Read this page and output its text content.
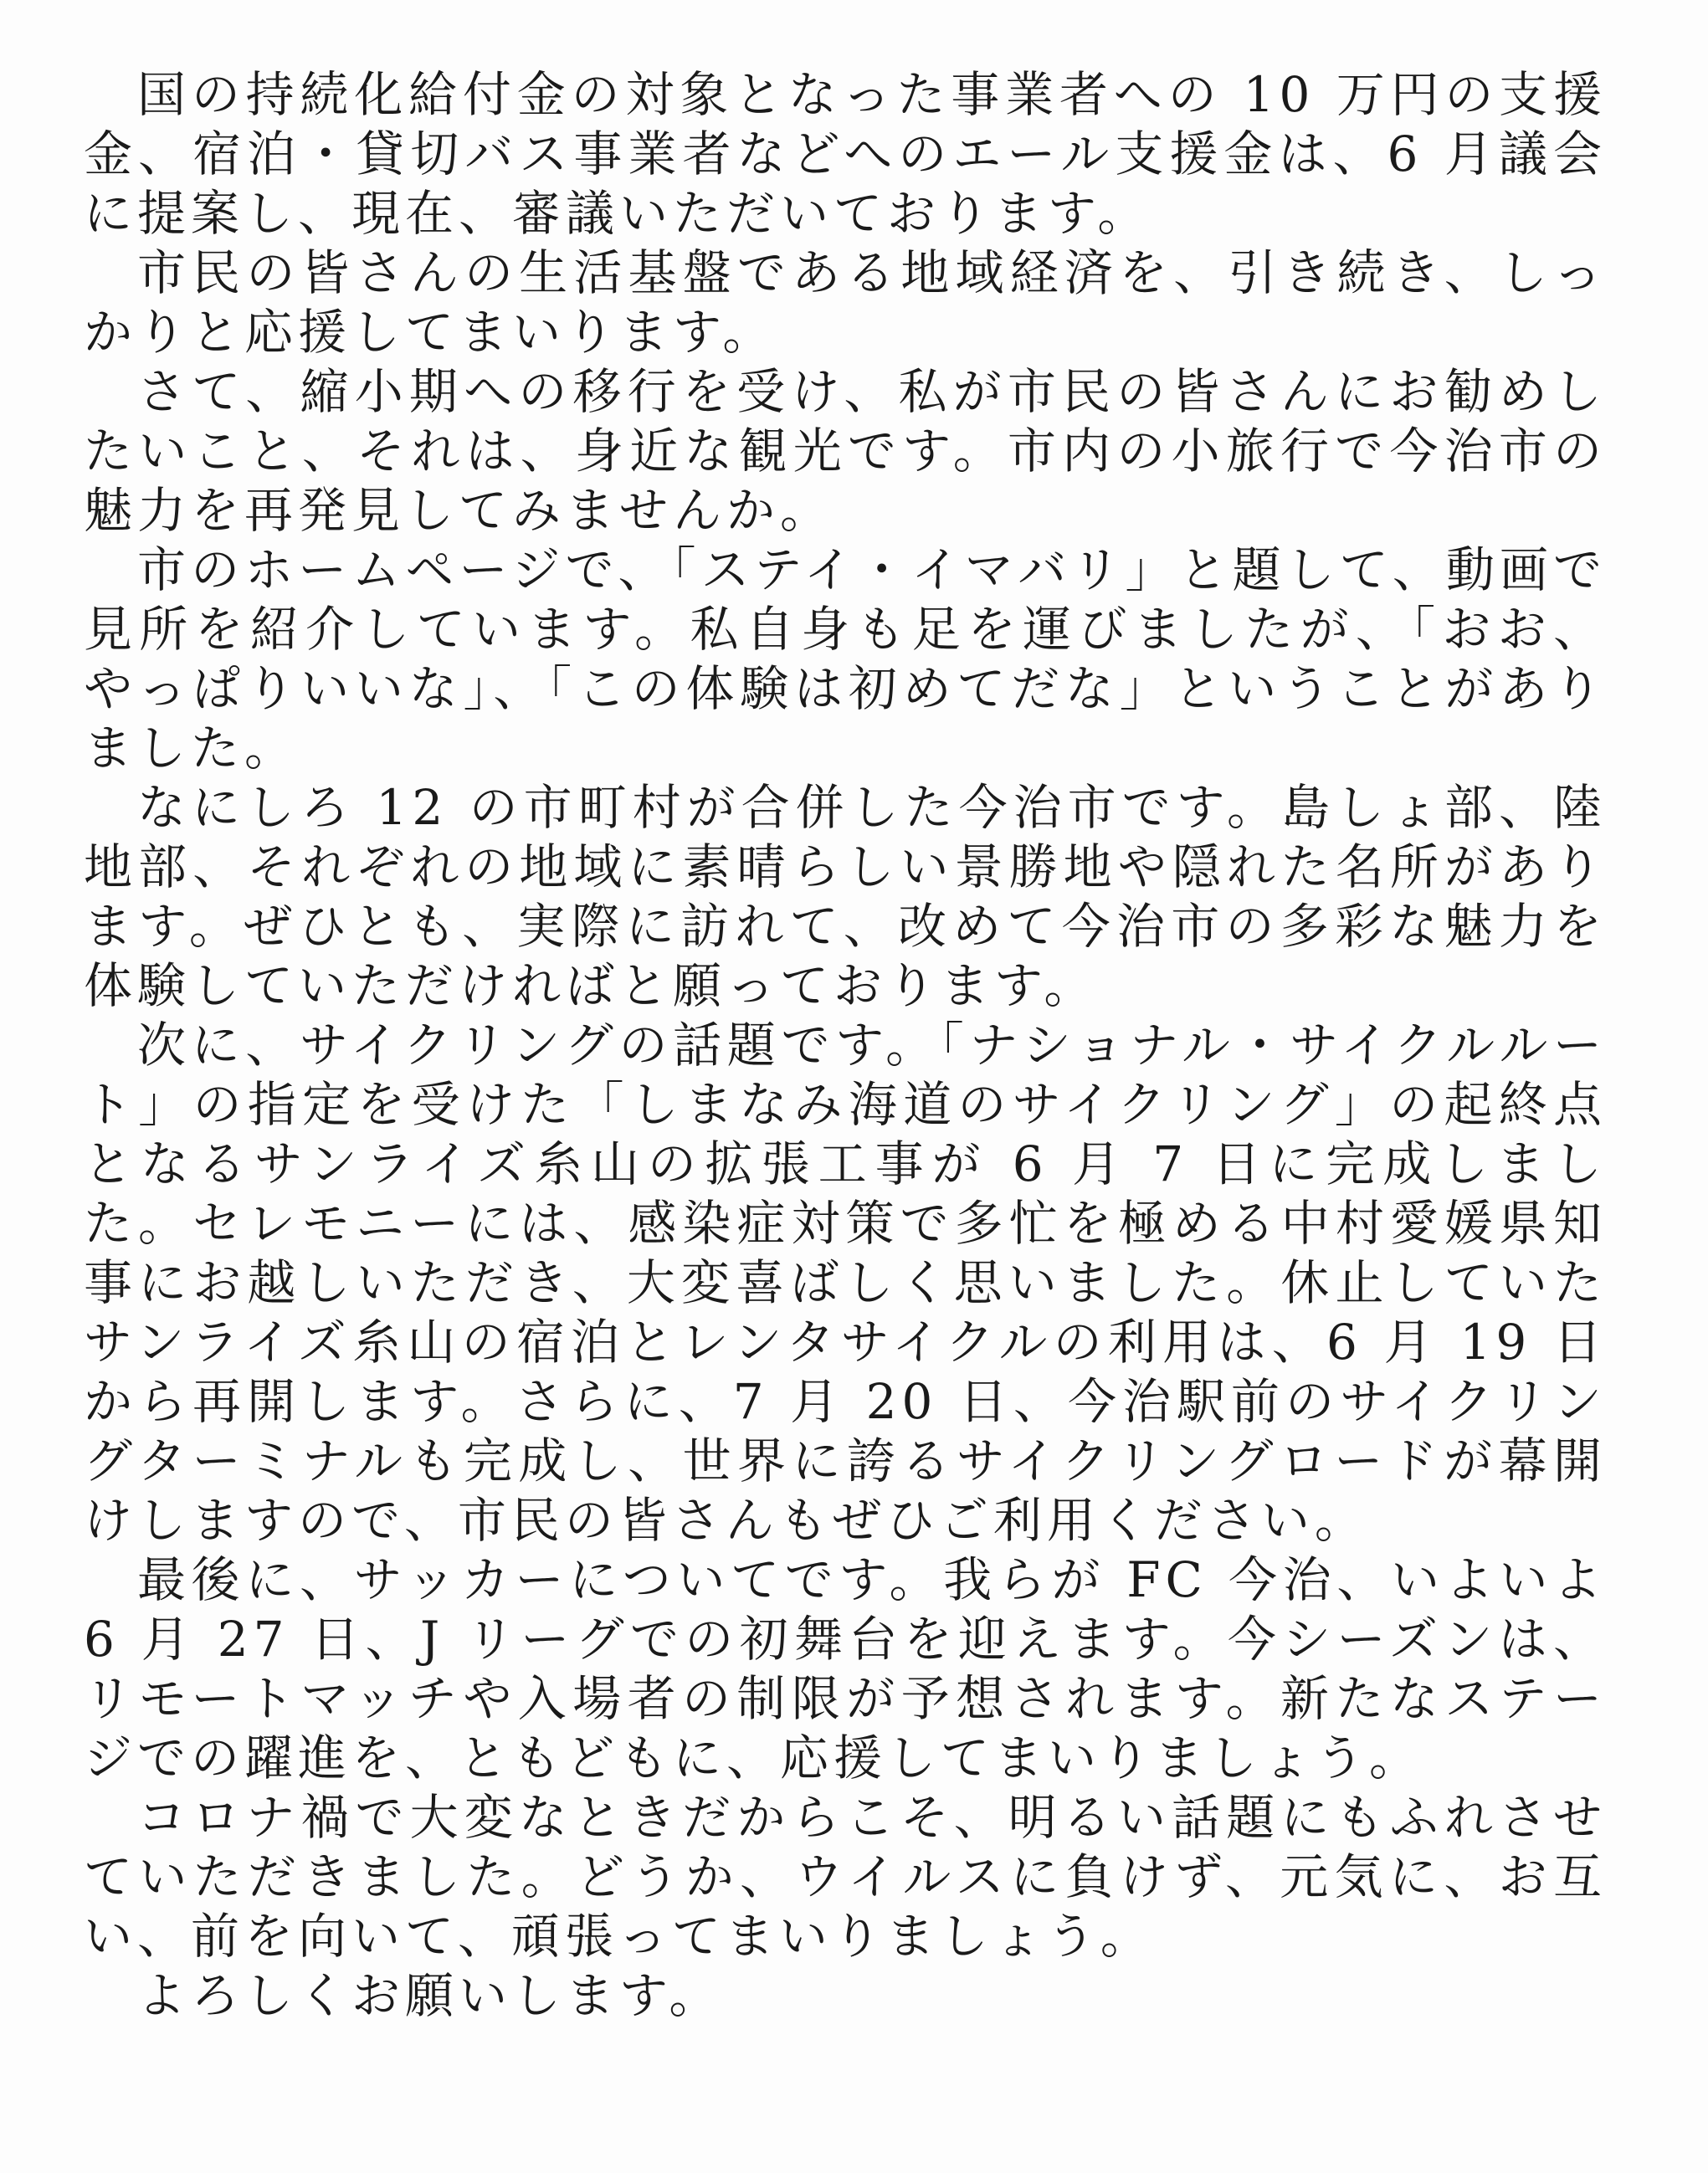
国の持続化給付金の対象となった事業者への 10 万円の支援金、宿泊・貸切バス事業者などへのエール支援金は、6 月議会に提案し、現在、審議いただいております。

市民の皆さんの生活基盤である地域経済を、引き続き、しっかりと応援してまいります。

さて、縮小期への移行を受け、私が市民の皆さんにお勧めしたいこと、それは、身近な観光です。市内の小旅行で今治市の魅力を再発見してみませんか。

市のホームページで、「ステイ・イマバリ」と題して、動画で見所を紹介しています。私自身も足を運びましたが、「おお、やっぱりいいな」、「この体験は初めてだな」ということがありました。

なにしろ 12 の市町村が合併した今治市です。島しょ部、陸地部、それぞれの地域に素晴らしい景勝地や隠れた名所があります。ぜひとも、実際に訪れて、改めて今治市の多彩な魅力を体験していただければと願っております。

次に、サイクリングの話題です。「ナショナル・サイクルルート」の指定を受けた「しまなみ海道のサイクリング」の起終点となるサンライズ糸山の拡張工事が 6 月 7 日に完成しました。セレモニーには、感染症対策で多忙を極める中村愛媛県知事にお越しいただき、大変喜ばしく思いました。休止していたサンライズ糸山の宿泊とレンタサイクルの利用は、6 月 19 日から再開します。さらに、7 月 20 日、今治駅前のサイクリングターミナルも完成し、世界に誇るサイクリングロードが幕開けしますので、市民の皆さんもぜひご利用ください。

最後に、サッカーについてです。我らが FC 今治、いよいよ 6 月 27 日、J リーグでの初舞台を迎えます。今シーズンは、リモートマッチや入場者の制限が予想されます。新たなステージでの躍進を、ともどもに、応援してまいりましょう。

コロナ禍で大変なときだからこそ、明るい話題にもふれさせていただきました。どうか、ウイルスに負けず、元気に、お互い、前を向いて、頑張ってまいりましょう。

よろしくお願いします。
